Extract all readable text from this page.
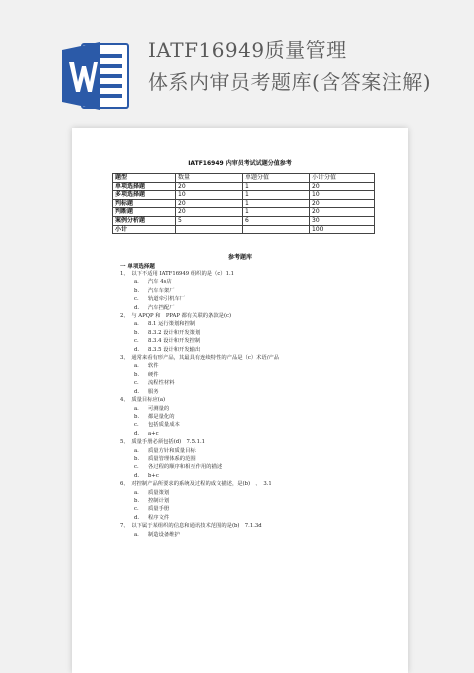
IATF16949质量管理
体系内审员考题库(含答案注解)
IATF16949 内审员考试试题分值参考
题型	数量	单题分值	小计分值
单项选择题	20	1	20
多项选择题	10	1	10
判标题	20	1	20
判断题	20	1	20
案例分析题	5	6	30
小计			100
参考题库
一 单项选择题
1、　以下不适用 IATF16949 组织的是（c）1.1
a. 汽车 4s店
b. 汽车车架厂
c. 轨道牵引机车厂
d. 汽车挡配厂
2、　与 APQP 和　PPAP 都有关联的条款是(c)
a. 8.1 运行策划和控制
b. 8.3.2 设计和开发策划
c. 8.3.4 设计和开发控制
d. 8.3.5 设计和开发输出
3、　通常来看有形产品，其最具有连续特性的产品是（c）术语/产品
a. 软件
b. 硬件
c. 流程性材料
d. 服务
4、　质量目标应(a)
a. 可测量的
b. 都是量化的
c. 包括质量成本
d. a+c
5、　质量手册必须包括(d)　7.5.1.1
a. 质量方针和质量目标
b. 质量管理体系的范围
c. 各过程的顺序和相互作用的描述
d. b+c
6、　对控制产品所要求的系统及过程的成文描述，是(b)　、　3.1
a. 质量策划
b. 控制计划
c. 质量手册
d. 程序文件
7、　以下属于某组织的信息和通讯技术范围的是(b)　7.1.3d
a. 制造设备维护
